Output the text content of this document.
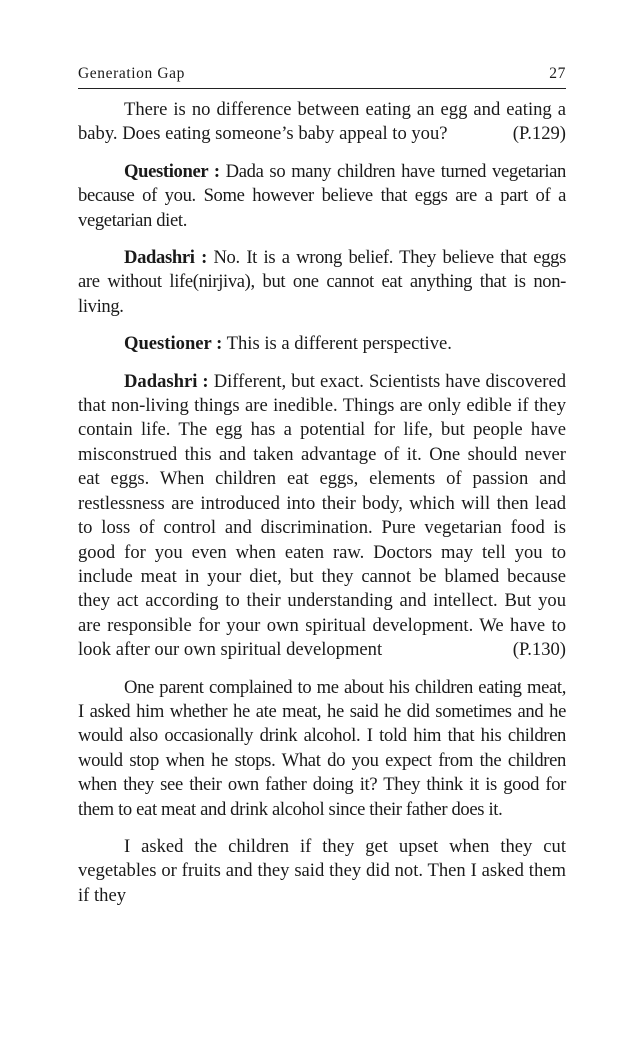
Generation Gap	27

There is no difference between eating an egg and eating a baby. Does eating someone’s baby appeal to you?	(P.129)

Questioner : Dada so many children have turned vegetarian because of you. Some however believe that eggs are a part of a vegetarian diet.

Dadashri : No. It is a wrong belief. They believe that eggs are without life(nirjiva), but one cannot eat anything that is non-living.

Questioner : This is a different perspective.

Dadashri : Different, but exact. Scientists have discovered that non-living things are inedible. Things are only edible if they contain life. The egg has a potential for life, but people have misconstrued this and taken advantage of it. One should never eat eggs. When children eat eggs, elements of passion and restlessness are introduced into their body, which will then lead to loss of control and discrimination. Pure vegetarian food is good for you even when eaten raw. Doctors may tell you to include meat in your diet, but they cannot be blamed because they act according to their understanding and intellect. But you are responsible for your own spiritual development. We have to look after our own spiritual development	(P.130)

One parent complained to me about his children eating meat, I asked him whether he ate meat, he said he did sometimes and he would also occasionally drink alcohol. I told him that his children would stop when he stops. What do you expect from the children when they see their own father doing it? They think it is good for them to eat meat and drink alcohol since their father does it.

I asked the children if they get upset when they cut vegetables or fruits and they said they did not. Then I asked them if they
